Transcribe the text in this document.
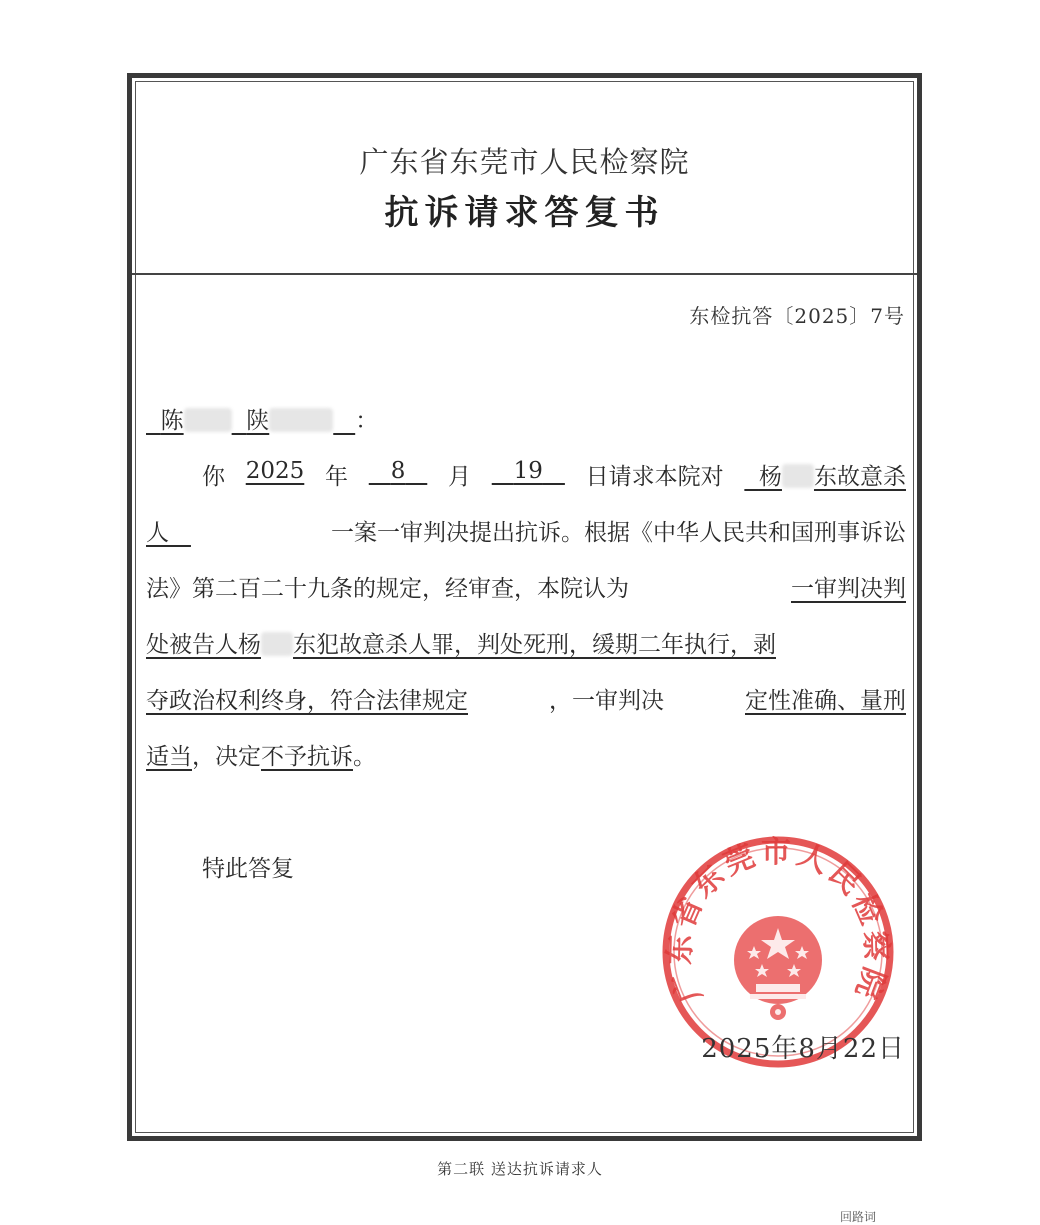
广东省东莞市人民检察院
抗诉请求答复书
东检抗答〔2025〕7号
陈	陕	：
你 2025 年	8	月	19	日请求本院对	杨 东故意杀
人	一案一审判决提出抗诉。根据《中华人民共和国刑事诉讼
法》第二百二十九条的规定，经审查，本院认为	一审判决判
处被告人杨 东犯故意杀人罪，判处死刑，缓期二年执行，剥
夺政治权利终身，符合法律规定	，一审判决	定性准确、量刑
适当，决定不予抗诉。
特此答复
广东省东莞市人民检察院
2025年8月22日
第二联 送达抗诉请求人
回路词
